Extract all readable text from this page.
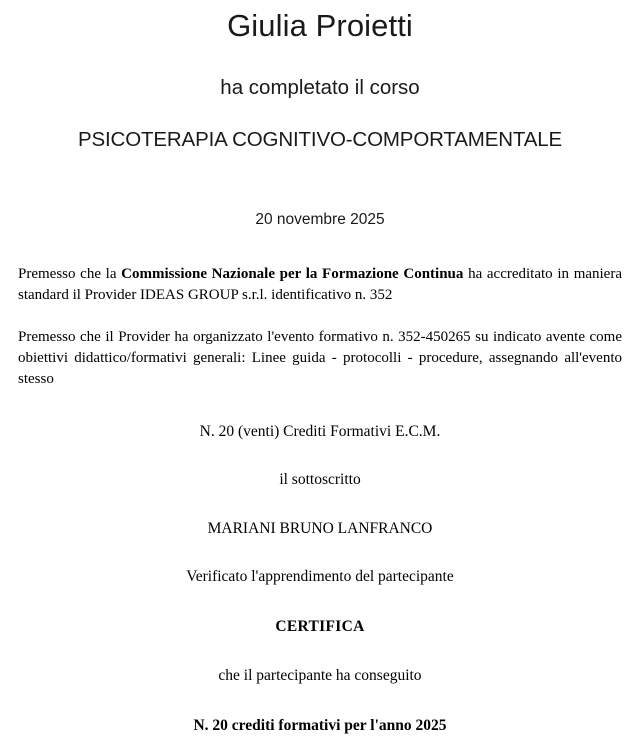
Giulia Proietti

ha completato il corso

PSICOTERAPIA COGNITIVO-COMPORTAMENTALE

20 novembre 2025

Premesso che la Commissione Nazionale per la Formazione Continua ha accreditato in maniera standard il Provider IDEAS GROUP s.r.l. identificativo n. 352

Premesso che il Provider ha organizzato l'evento formativo n. 352-450265 su indicato avente come obiettivi didattico/formativi generali: Linee guida - protocolli - procedure, assegnando all'evento stesso

N. 20 (venti) Crediti Formativi E.C.M.

il sottoscritto

MARIANI BRUNO LANFRANCO

Verificato l'apprendimento del partecipante

CERTIFICA

che il partecipante ha conseguito

N. 20 crediti formativi per l'anno 2025
